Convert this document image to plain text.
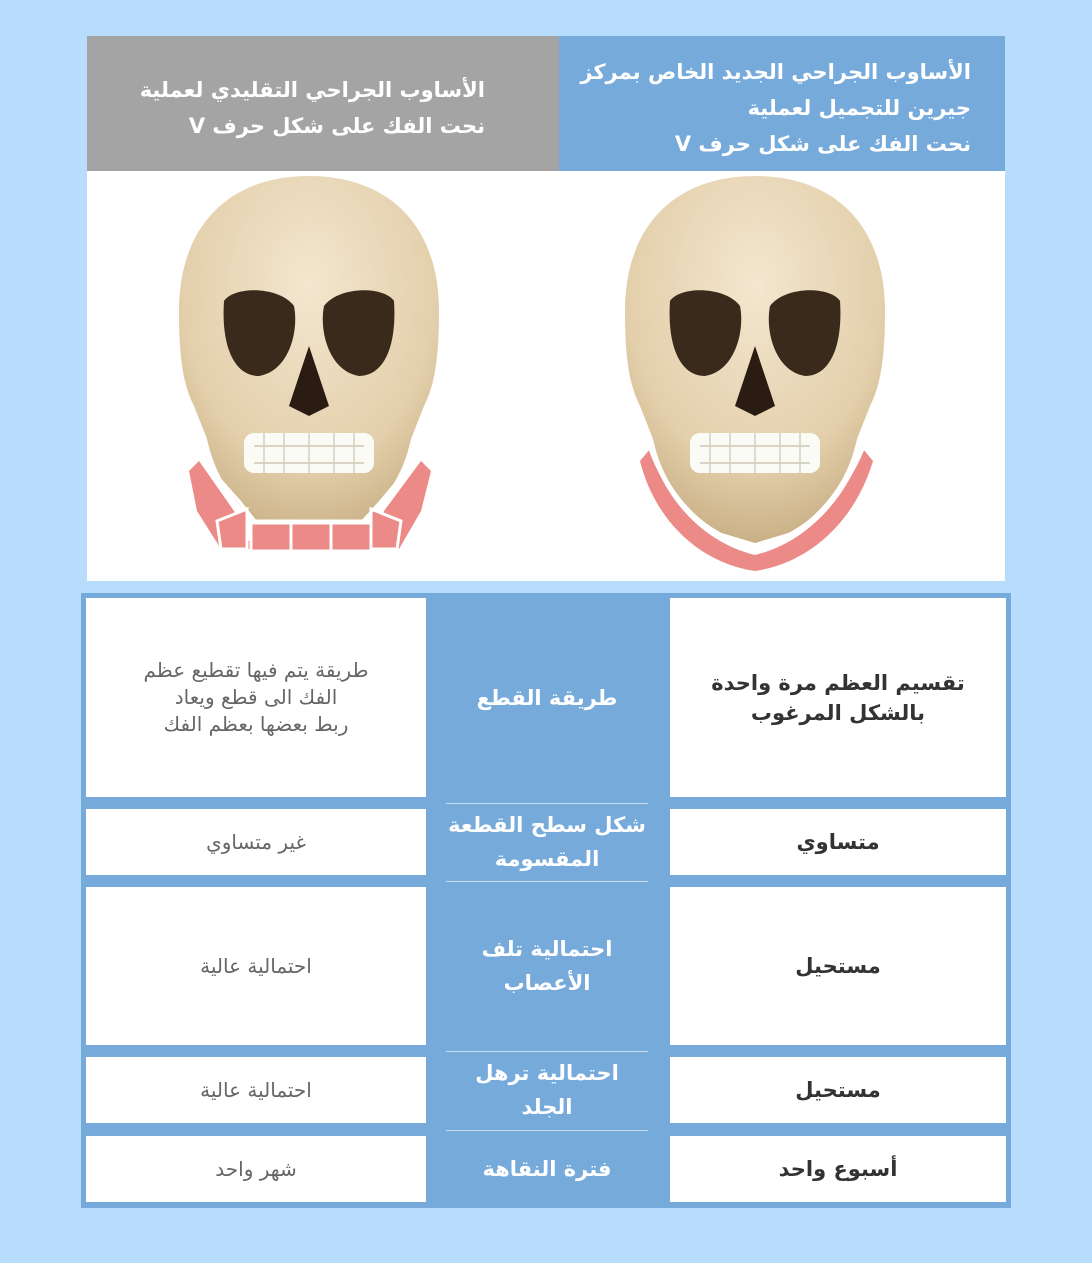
الأساوب الجراحي التقليدي لعملية
نحت الفك على شكل حرف V
الأساوب الجراحي الجديد الخاص بمركز
جيرين للتجميل لعملية
نحت الفك على شكل حرف V
طريقة يتم فيها تقطيع عظم
الفك الى قطع ويعاد
ربط بعضها بعظم الفك
طريقة القطع
تقسيم العظم مرة واحدة
بالشكل المرغوب
غير متساوي
شكل سطح القطعة
المقسومة
متساوي
احتمالية عالية
احتمالية تلف
الأعصاب
مستحيل
احتمالية عالية
احتمالية ترهل
الجلد
مستحيل
شهر واحد	فترة النقاهة	أسبوع واحد
